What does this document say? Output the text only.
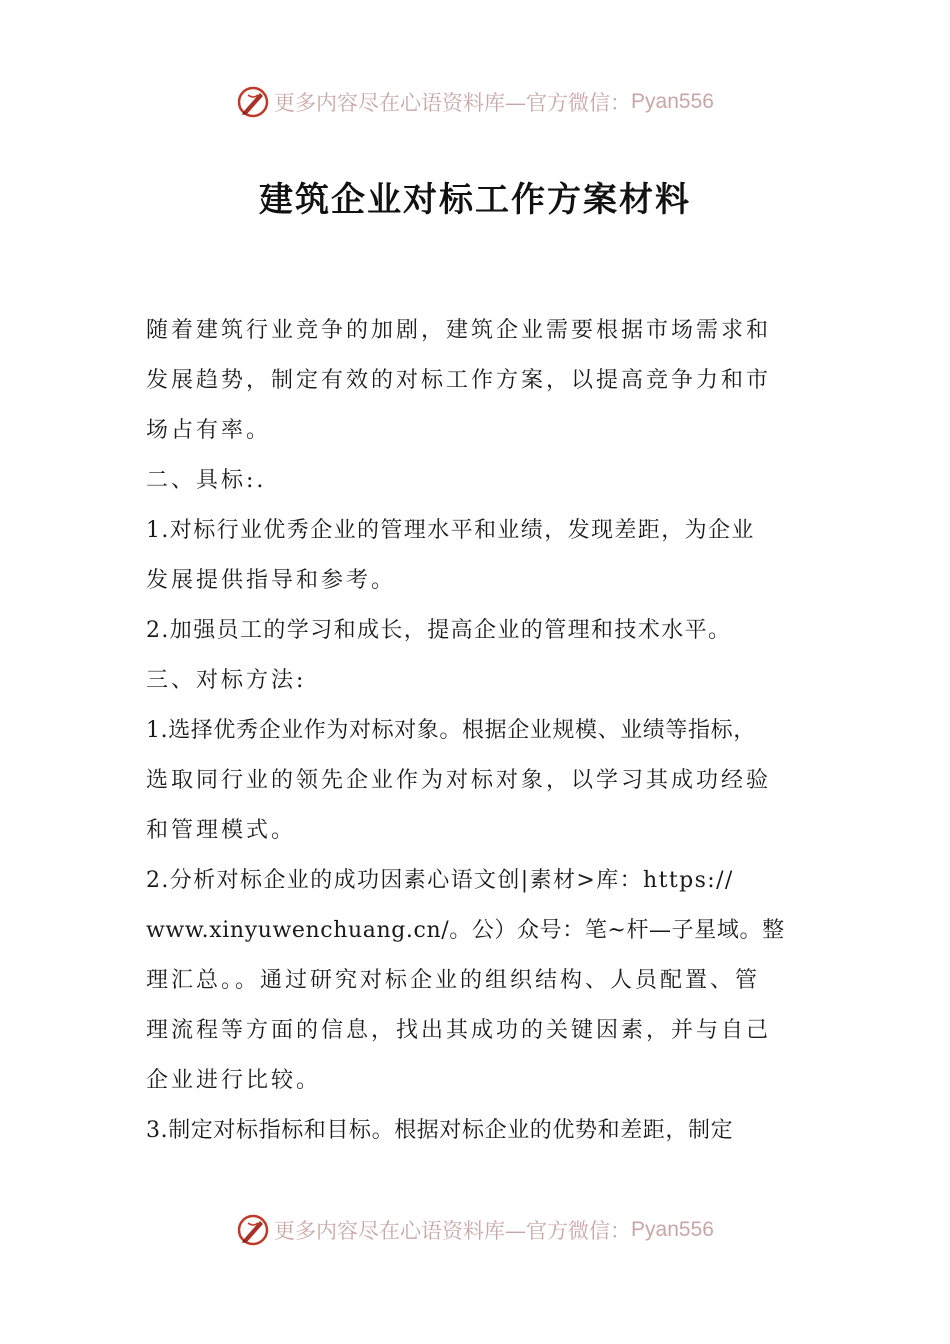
更多内容尽在心语资料库—官方微信： Pyan556
建筑企业对标工作方案材料
随着建筑行业竞争的加剧，建筑企业需要根据市场需求和
发展趋势，制定有效的对标工作方案，以提高竞争力和市
场占有率。
二、具标:.
1.对标行业优秀企业的管理水平和业绩，发现差距，为企业
发展提供指导和参考。
2.加强员工的学习和成长，提高企业的管理和技术水平。
三、对标方法:
1.选择优秀企业作为对标对象。根据企业规模、业绩等指标，
选取同行业的领先企业作为对标对象，以学习其成功经验
和管理模式。
2.分析对标企业的成功因素心语文创|素材>库：https://
www.xinyuwenchuang.cn/。公）众号：笔~杆—子星域。整
理汇总。。通过研究对标企业的组织结构、人员配置、管
理流程等方面的信息，找出其成功的关键因素，并与自己
企业进行比较。
3.制定对标指标和目标。根据对标企业的优势和差距，制定
更多内容尽在心语资料库—官方微信： Pyan556
